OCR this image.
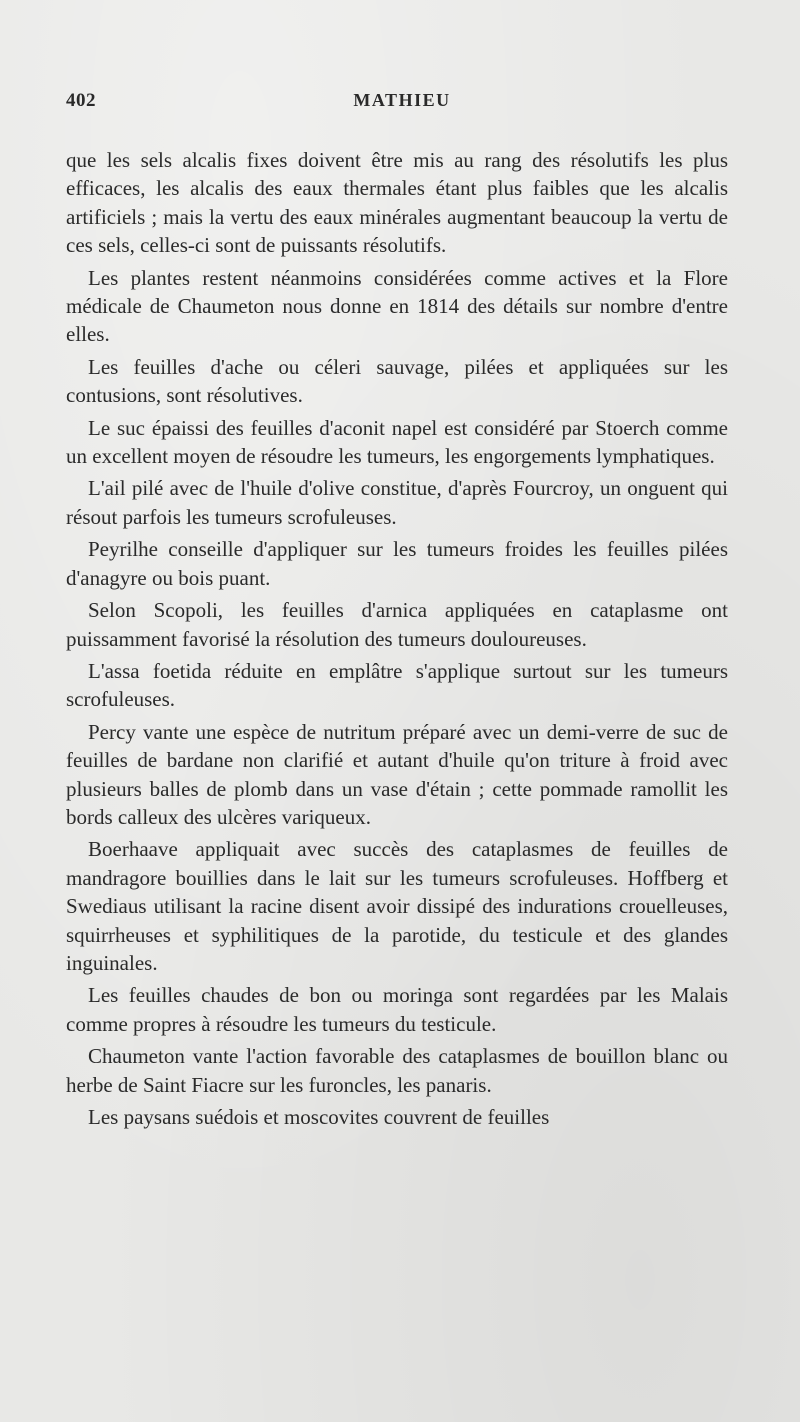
402	MATHIEU

que les sels alcalis fixes doivent être mis au rang des résolutifs les plus efficaces, les alcalis des eaux thermales étant plus faibles que les alcalis artificiels ; mais la vertu des eaux minérales augmentant beaucoup la vertu de ces sels, celles-ci sont de puissants résolutifs.

Les plantes restent néanmoins considérées comme actives et la Flore médicale de Chaumeton nous donne en 1814 des détails sur nombre d'entre elles.

Les feuilles d'ache ou céleri sauvage, pilées et appliquées sur les contusions, sont résolutives.

Le suc épaissi des feuilles d'aconit napel est considéré par Stoerch comme un excellent moyen de résoudre les tumeurs, les engorgements lymphatiques.

L'ail pilé avec de l'huile d'olive constitue, d'après Fourcroy, un onguent qui résout parfois les tumeurs scrofuleuses.

Peyrilhe conseille d'appliquer sur les tumeurs froides les feuilles pilées d'anagyre ou bois puant.

Selon Scopoli, les feuilles d'arnica appliquées en cataplasme ont puissamment favorisé la résolution des tumeurs douloureuses.

L'assa foetida réduite en emplâtre s'applique surtout sur les tumeurs scrofuleuses.

Percy vante une espèce de nutritum préparé avec un demi-verre de suc de feuilles de bardane non clarifié et autant d'huile qu'on triture à froid avec plusieurs balles de plomb dans un vase d'étain ; cette pommade ramollit les bords calleux des ulcères variqueux.

Boerhaave appliquait avec succès des cataplasmes de feuilles de mandragore bouillies dans le lait sur les tumeurs scrofuleuses. Hoffberg et Swediaus utilisant la racine disent avoir dissipé des indurations crouelleuses, squirrheuses et syphilitiques de la parotide, du testicule et des glandes inguinales.

Les feuilles chaudes de bon ou moringa sont regardées par les Malais comme propres à résoudre les tumeurs du testicule.

Chaumeton vante l'action favorable des cataplasmes de bouillon blanc ou herbe de Saint Fiacre sur les furoncles, les panaris.

Les paysans suédois et moscovites couvrent de feuilles
